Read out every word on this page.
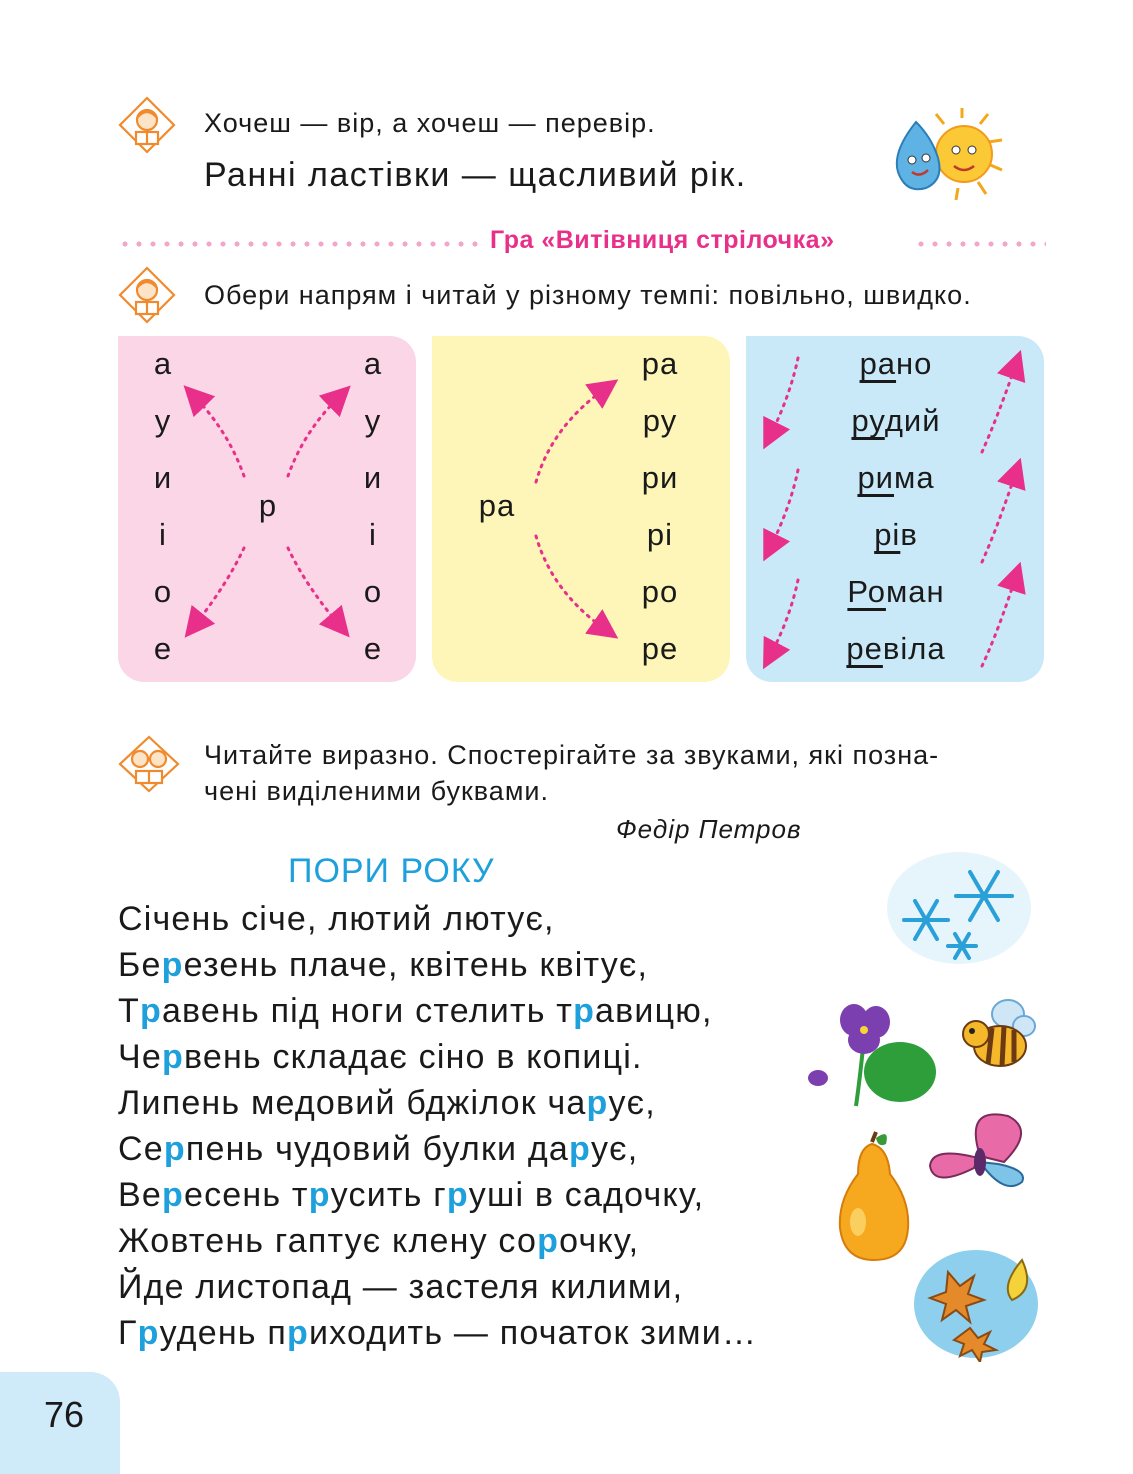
Хочеш — вір, а хочеш — перевір.
Ранні ластівки — щасливий рік.
Гра «Витівниця стрілочка»
Обери напрям і читай у різному темпі: повільно, швидко.
р
а
у
и
і
о
е
а
у
и
і
о
е
ра
ра
ру
ри
рі
ро
ре
рано
рудий
рима
рів
Роман
ревіла
Читайте виразно. Спостерігайте за звуками, які позна-
чені виділеними буквами.
Федір Петров
ПОРИ РОКУ
Січень січе, лютий лютує,
Березень плаче, квітень квітує,
Травень під ноги стелить травицю,
Червень складає сіно в копиці.
Липень медовий бджілок чарує,
Серпень чудовий булки дарує,
Вересень трусить груші в садочку,
Жовтень гаптує клену сорочку,
Йде листопад — застеля килими,
Грудень приходить — початок зими…
76
